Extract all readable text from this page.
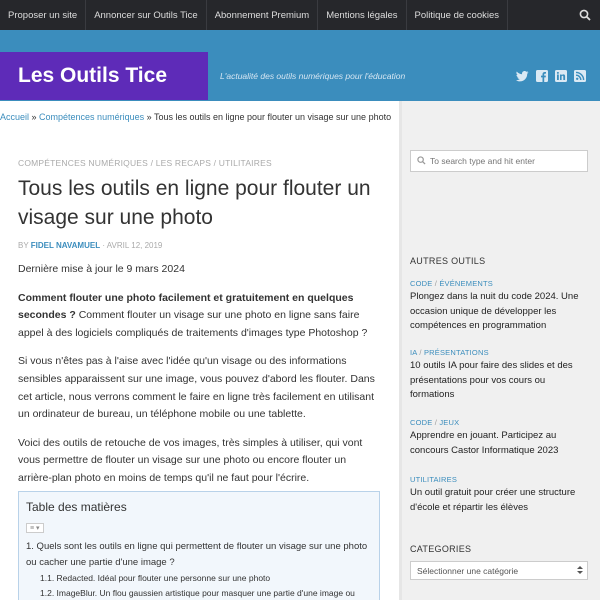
Proposer un site	Annoncer sur Outils Tice	Abonnement Premium	Mentions légales	Politique de cookies
Les Outils Tice	L'actualité des outils numériques pour l'éducation
Accueil » Compétences numériques » Tous les outils en ligne pour flouter un visage sur une photo
COMPÉTENCES NUMÉRIQUES / LES RECAPS / UTILITAIRES
Tous les outils en ligne pour flouter un visage sur une photo
BY FIDEL NAVAMUEL · AVRIL 12, 2019

Dernière mise à jour le 9 mars 2024

Comment flouter une photo facilement et gratuitement en quelques secondes ? Comment flouter un visage sur une photo en ligne sans faire appel à des logiciels compliqués de traitements d'images type Photoshop ?

Si vous n'êtes pas à l'aise avec l'idée qu'un visage ou des informations sensibles apparaissent sur une image, vous pouvez d'abord les flouter. Dans cet article, nous verrons comment le faire en ligne très facilement en utilisant un ordinateur de bureau, un téléphone mobile ou une tablette.

Voici des outils de retouche de vos images, très simples à utiliser, qui vont vous permettre de flouter un visage sur une photo ou encore flouter un arrière-plan photo en moins de temps qu'il ne faut pour l'écrire.

Table des matières
≡ ▾
1. Quels sont les outils en ligne qui permettent de flouter un visage sur une photo ou cacher une partie d'une image ?
1.1. Redacted. Idéal pour flouter une personne sur une photo
1.2. ImageBlur. Un flou gaussien artistique pour masquer une partie d'une image ou
To search type and hit enter
AUTRES OUTILS
CODE / ÉVÉNEMENTS
Plongez dans la nuit du code 2024. Une occasion unique de développer les compétences en programmation
IA / PRÉSENTATIONS
10 outils IA pour faire des slides et des présentations pour vos cours ou formations
CODE / JEUX
Apprendre en jouant. Participez au concours Castor Informatique 2023
UTILITAIRES
Un outil gratuit pour créer une structure d'école et répartir les élèves
CATEGORIES
Sélectionner une catégorie
